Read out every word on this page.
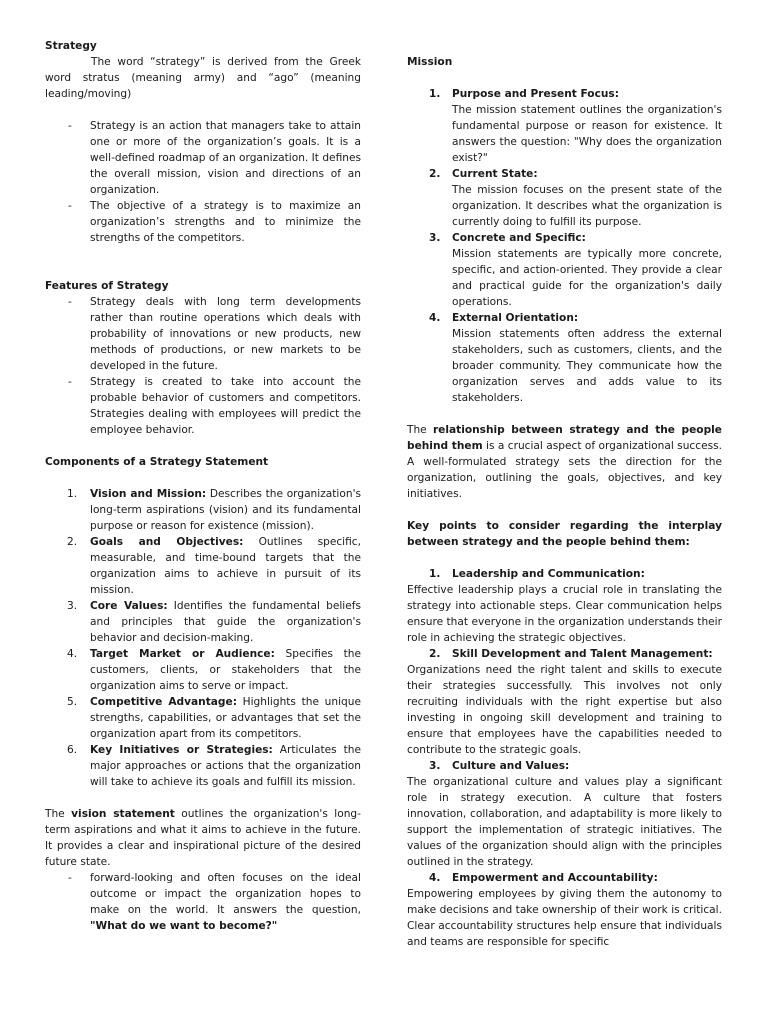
Strategy

The word “strategy” is derived from the Greek word stratus (meaning army) and “ago” (meaning leading/moving)

- Strategy is an action that managers take to attain one or more of the organization’s goals. It is a well-defined roadmap of an organization. It defines the overall mission, vision and directions of an organization.
- The objective of a strategy is to maximize an organization’s strengths and to minimize the strengths of the competitors.

Features of Strategy

- Strategy deals with long term developments rather than routine operations which deals with probability of innovations or new products, new methods of productions, or new markets to be developed in the future.
- Strategy is created to take into account the probable behavior of customers and competitors. Strategies dealing with employees will predict the employee behavior.

Components of a Strategy Statement

1. Vision and Mission: Describes the organization's long-term aspirations (vision) and its fundamental purpose or reason for existence (mission).
2. Goals and Objectives: Outlines specific, measurable, and time-bound targets that the organization aims to achieve in pursuit of its mission.
3. Core Values: Identifies the fundamental beliefs and principles that guide the organization's behavior and decision-making.
4. Target Market or Audience: Specifies the customers, clients, or stakeholders that the organization aims to serve or impact.
5. Competitive Advantage: Highlights the unique strengths, capabilities, or advantages that set the organization apart from its competitors.
6. Key Initiatives or Strategies: Articulates the major approaches or actions that the organization will take to achieve its goals and fulfill its mission.

The vision statement outlines the organization's long-term aspirations and what it aims to achieve in the future. It provides a clear and inspirational picture of the desired future state.

- forward-looking and often focuses on the ideal outcome or impact the organization hopes to make on the world. It answers the question, "What do we want to become?"

Mission

1. Purpose and Present Focus:
The mission statement outlines the organization's fundamental purpose or reason for existence. It answers the question: "Why does the organization exist?"
2. Current State:
The mission focuses on the present state of the organization. It describes what the organization is currently doing to fulfill its purpose.
3. Concrete and Specific:
Mission statements are typically more concrete, specific, and action-oriented. They provide a clear and practical guide for the organization's daily operations.
4. External Orientation:
Mission statements often address the external stakeholders, such as customers, clients, and the broader community. They communicate how the organization serves and adds value to its stakeholders.

The relationship between strategy and the people behind them is a crucial aspect of organizational success. A well-formulated strategy sets the direction for the organization, outlining the goals, objectives, and key initiatives.

Key points to consider regarding the interplay between strategy and the people behind them:

1. Leadership and Communication:

Effective leadership plays a crucial role in translating the strategy into actionable steps. Clear communication helps ensure that everyone in the organization understands their role in achieving the strategic objectives.

2. Skill Development and Talent Management:

Organizations need the right talent and skills to execute their strategies successfully. This involves not only recruiting individuals with the right expertise but also investing in ongoing skill development and training to ensure that employees have the capabilities needed to contribute to the strategic goals.

3. Culture and Values:

The organizational culture and values play a significant role in strategy execution. A culture that fosters innovation, collaboration, and adaptability is more likely to support the implementation of strategic initiatives. The values of the organization should align with the principles outlined in the strategy.

4. Empowerment and Accountability:

Empowering employees by giving them the autonomy to make decisions and take ownership of their work is critical. Clear accountability structures help ensure that individuals and teams are responsible for specific
